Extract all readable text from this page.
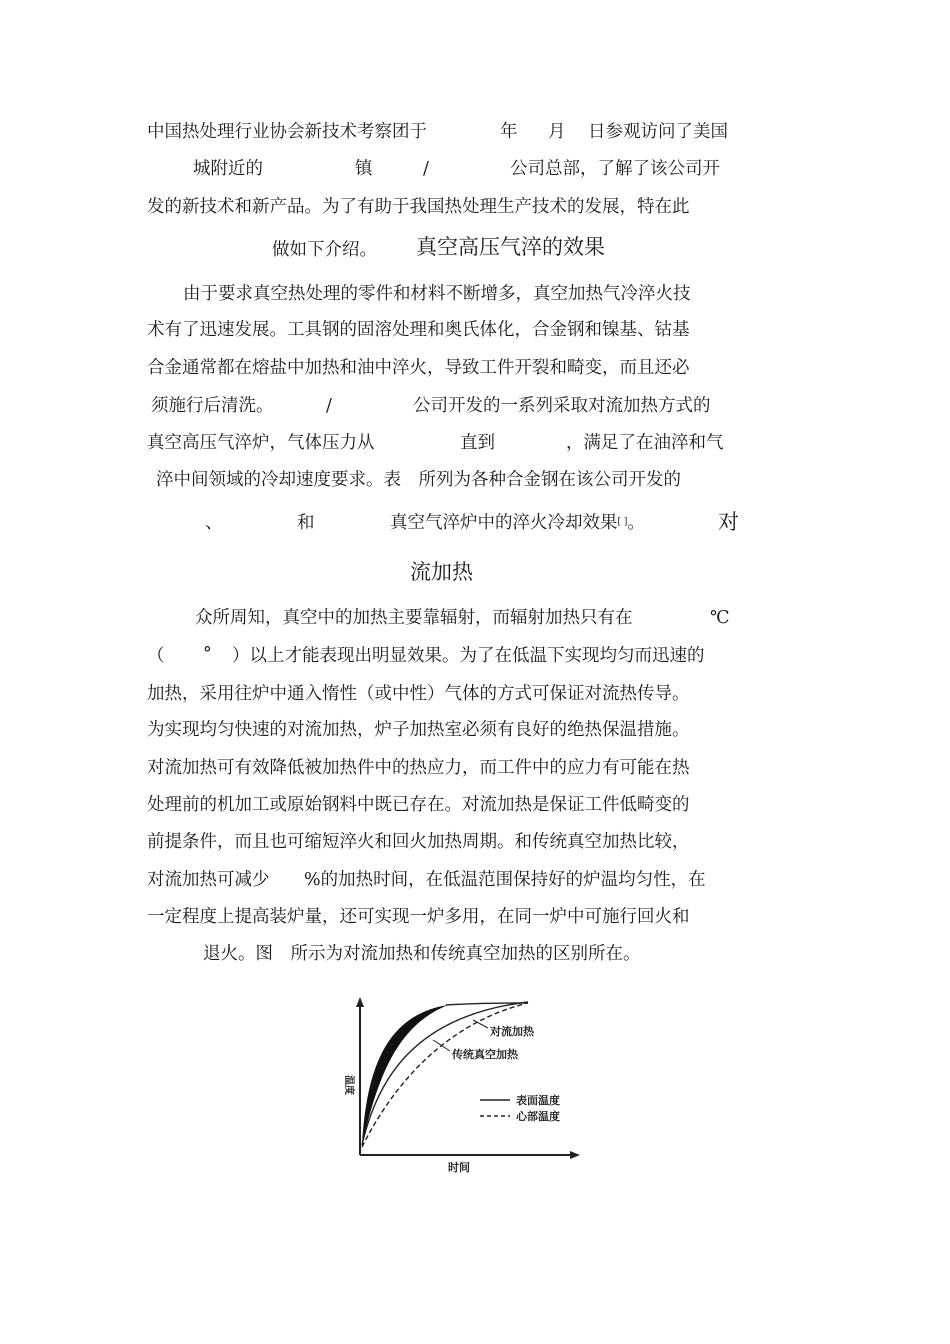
中国热处理行业协会新技术考察团于	年 月 日参观访问了美国
城附近的	镇	/	公司总部，了解了该公司开
发的新技术和新产品。为了有助于我国热处理生产技术的发展，特在此
做如下介绍。 真空高压气淬的效果
由于要求真空热处理的零件和材料不断增多，真空加热气冷淬火技
术有了迅速发展。工具钢的固溶处理和奥氏体化，合金钢和镍基、钴基
合金通常都在熔盐中加热和油中淬火，导致工件开裂和畸变，而且还必
须施行后清洗。	/	公司开发的一系列采取对流加热方式的
真空高压气淬炉，气体压力从	直到	，满足了在油淬和气
淬中间领域的冷却速度要求。表　所列为各种合金钢在该公司开发的
、	和	真空气淬炉中的淬火冷却效果[ ]。	对
流加热
众所周知，真空中的加热主要靠辐射，而辐射加热只有在	℃
（ ° ）以上才能表现出明显效果。为了在低温下实现均匀而迅速的
加热，采用往炉中通入惰性（或中性）气体的方式可保证对流热传导。
为实现均匀快速的对流加热，炉子加热室必须有良好的绝热保温措施。
对流加热可有效降低被加热件中的热应力，而工件中的应力有可能在热
处理前的机加工或原始钢料中既已存在。对流加热是保证工件低畸变的
前提条件，而且也可缩短淬火和回火加热周期。和传统真空加热比较，
对流加热可减少 %的加热时间，在低温范围保持好的炉温均匀性，在
一定程度上提高装炉量，还可实现一炉多用，在同一炉中可施行回火和
退火。图　所示为对流加热和传统真空加热的区别所在。
对流加热
传统真空加热
温度
时间
表面温度
心部温度
